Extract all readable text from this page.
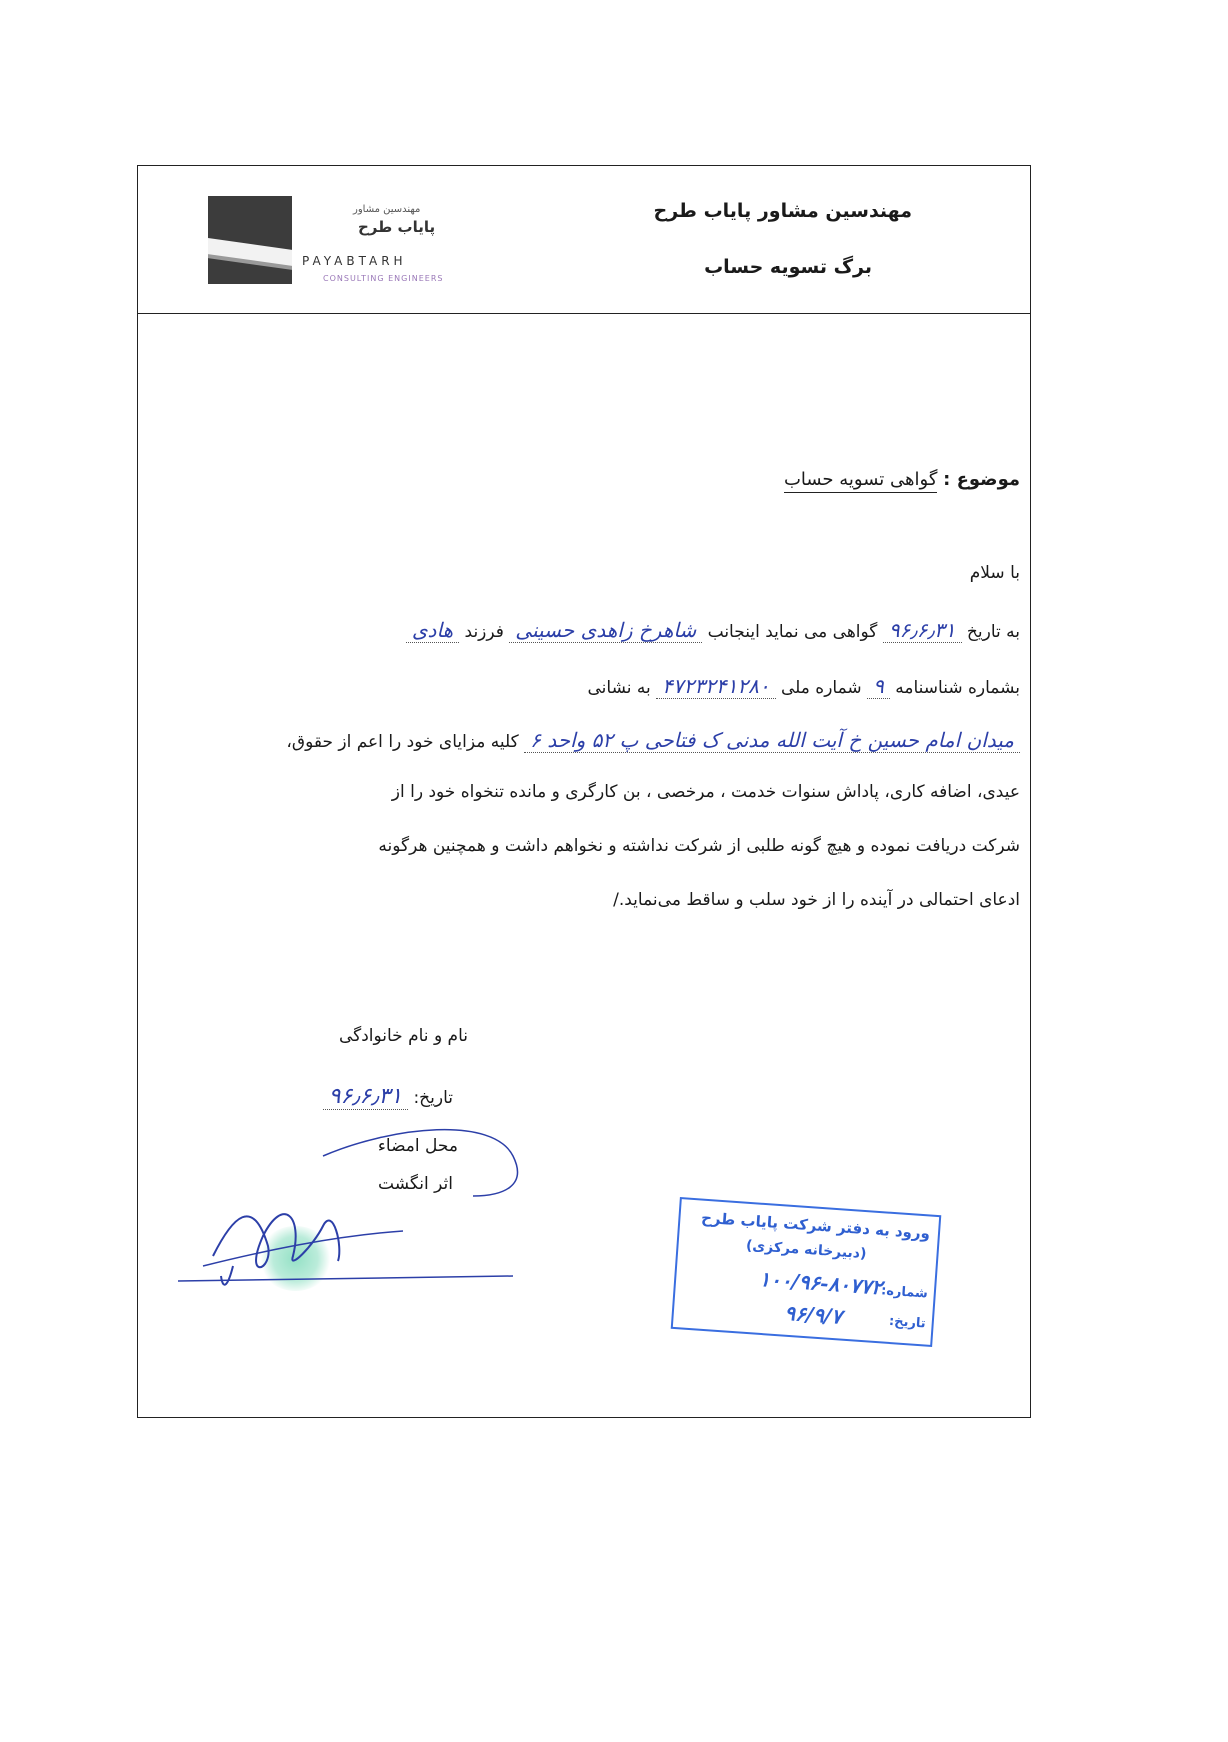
مهندسین مشاور پایاب طرح
برگ تسویه حساب
مهندسین مشاور
پایاب طرح
PAYABTARH
CONSULTING ENGINEERS
موضوع : گواهی تسویه حساب
با سلام
به تاریخ ۹۶٫۶٫۳۱ گواهی می نماید اینجانب شاهرخ زاهدی حسینی فرزند هادی
بشماره شناسنامه ۹ شماره ملی ۴۷۲۳۲۴۱۲۸۰ به نشانی
میدان امام حسین خ آیت الله مدنی ک فتاحی پ ۵۲ واحد ۶ کلیه مزایای خود را اعم از حقوق،
عیدی، اضافه کاری، پاداش سنوات خدمت ، مرخصی ، بن کارگری و مانده تنخواه خود را از
شرکت دریافت نموده و هیچ گونه طلبی از شرکت نداشته و نخواهم داشت و همچنین هرگونه
ادعای احتمالی در آینده را از خود سلب و ساقط می‌نماید./
نام و نام خانوادگی
تاریخ: ۹۶٫۶٫۳۱
محل امضاء
اثر انگشت
ورود به دفتر شرکت پایاب طرح
(دبیرخانه مرکزی)
شماره:
۱۰۰/۹۶-۸۰۷۷۲
تاریخ:
۹۶/۹/۷
